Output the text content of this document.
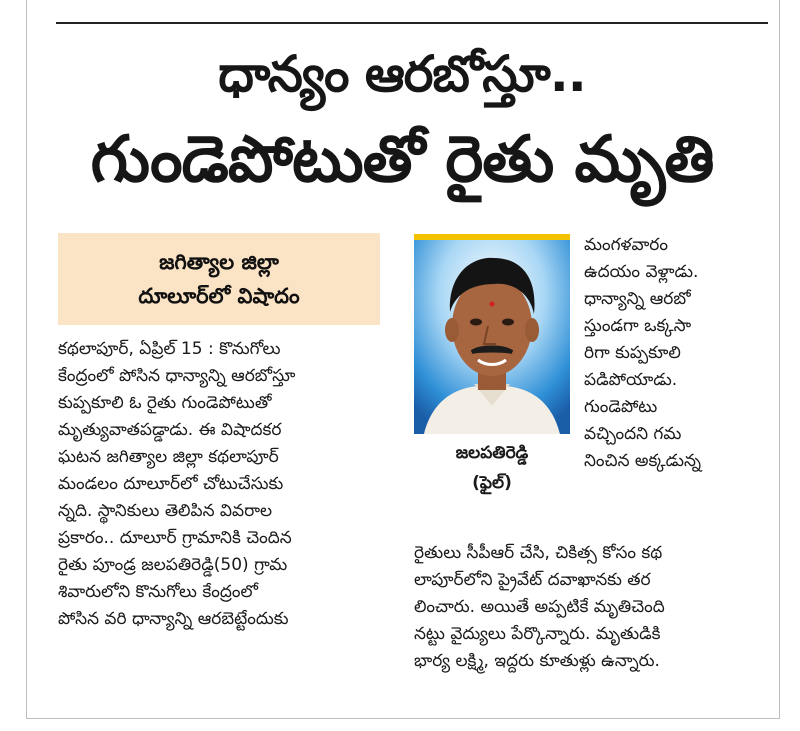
ధాన్యం ఆరబోస్తూ..
గుండెపోటుతో రైతు మృతి
జగిత్యాల జిల్లా
దూలూర్‌లో విషాదం
కథలాపూర్‌, ఏప్రిల్‌ 15 : కొనుగోలు
కేంద్రంలో పోసిన ధాన్యాన్ని ఆరబోస్తూ
కుప్పకూలి ఓ రైతు గుండెపోటుతో
మృత్యువాతపడ్డాడు. ఈ విషాదకర
ఘటన జగిత్యాల జిల్లా కథలాపూర్‌
మండలం దూలూర్‌లో చోటుచేసుకు
న్నది. స్థానికులు తెలిపిన వివరాల
ప్రకారం.. దూలూర్‌ గ్రామానికి చెందిన
రైతు పూండ్ర జలపతిరెడ్డి(50) గ్రామ
శివారులోని కొనుగోలు కేంద్రంలో
పోసిన వరి ధాన్యాన్ని ఆరబెట్టేందుకు
జలపతిరెడ్డి
(ఫైల్‌)
మంగళవారం
ఉదయం వెళ్లాడు.
ధాన్యాన్ని ఆరబో
స్తుండగా ఒక్కసా
రిగా కుప్పకూలి
పడిపోయాడు.
గుండెపోటు
వచ్చిందని గమ
నించిన అక్కడున్న
రైతులు సీపీఆర్‌ చేసి, చికిత్స కోసం కథ
లాపూర్‌లోని ప్రైవేట్‌ దవాఖానకు తర
లించారు. అయితే అప్పటికే మృతిచెంది
నట్టు వైద్యులు పేర్కొన్నారు. మృతుడికి
భార్య లక్ష్మి, ఇద్దరు కూతుళ్లు ఉన్నారు.
